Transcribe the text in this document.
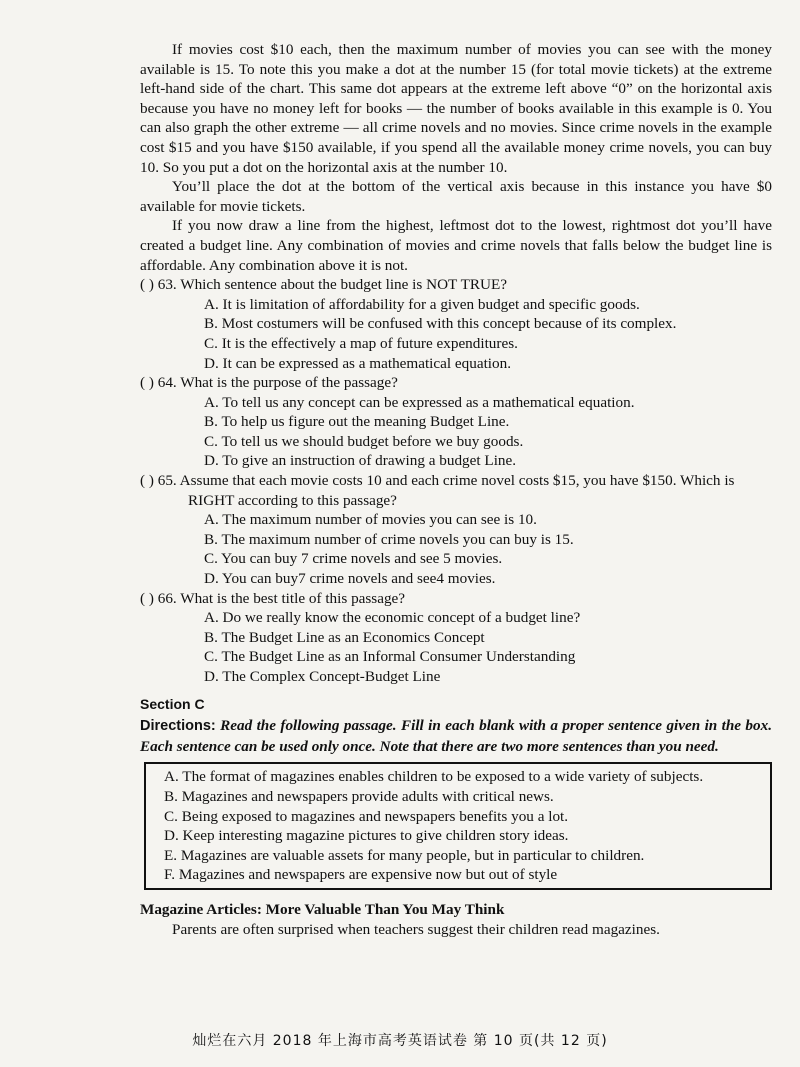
If movies cost $10 each, then the maximum number of movies you can see with the money available is 15. To note this you make a dot at the number 15 (for total movie tickets) at the extreme left-hand side of the chart. This same dot appears at the extreme left above “0” on the horizontal axis because you have no money left for books — the number of books available in this example is 0. You can also graph the other extreme — all crime novels and no movies. Since crime novels in the example cost $15 and you have $150 available, if you spend all the available money crime novels, you can buy 10. So you put a dot on the horizontal axis at the number 10.

You’ll place the dot at the bottom of the vertical axis because in this instance you have $0 available for movie tickets.

If you now draw a line from the highest, leftmost dot to the lowest, rightmost dot you’ll have created a budget line. Any combination of movies and crime novels that falls below the budget line is affordable. Any combination above it is not.

( ) 63. Which sentence about the budget line is NOT TRUE?
A. It is limitation of affordability for a given budget and specific goods.
B. Most costumers will be confused with this concept because of its complex.
C. It is the effectively a map of future expenditures.
D. It can be expressed as a mathematical equation.
( ) 64. What is the purpose of the passage?
A. To tell us any concept can be expressed as a mathematical equation.
B. To help us figure out the meaning Budget Line.
C. To tell us we should budget before we buy goods.
D. To give an instruction of drawing a budget Line.
( ) 65. Assume that each movie costs 10 and each crime novel costs $15, you have $150. Which is RIGHT according to this passage?
A. The maximum number of movies you can see is 10.
B. The maximum number of crime novels you can buy is 15.
C. You can buy 7 crime novels and see 5 movies.
D. You can buy7 crime novels and see4 movies.
( ) 66. What is the best title of this passage?
A. Do we really know the economic concept of a budget line?
B. The Budget Line as an Economics Concept
C. The Budget Line as an Informal Consumer Understanding
D. The Complex Concept-Budget Line
Section C

Directions: Read the following passage. Fill in each blank with a proper sentence given in the box. Each sentence can be used only once. Note that there are two more sentences than you need.

A. The format of magazines enables children to be exposed to a wide variety of subjects.
B. Magazines and newspapers provide adults with critical news.
C. Being exposed to magazines and newspapers benefits you a lot.
D. Keep interesting magazine pictures to give children story ideas.
E. Magazines are valuable assets for many people, but in particular to children.
F. Magazines and newspapers are expensive now but out of style
Magazine Articles: More Valuable Than You May Think

Parents are often surprised when teachers suggest their children read magazines.

灿烂在六月 2018 年上海市高考英语试卷 第 10 页(共 12 页)
